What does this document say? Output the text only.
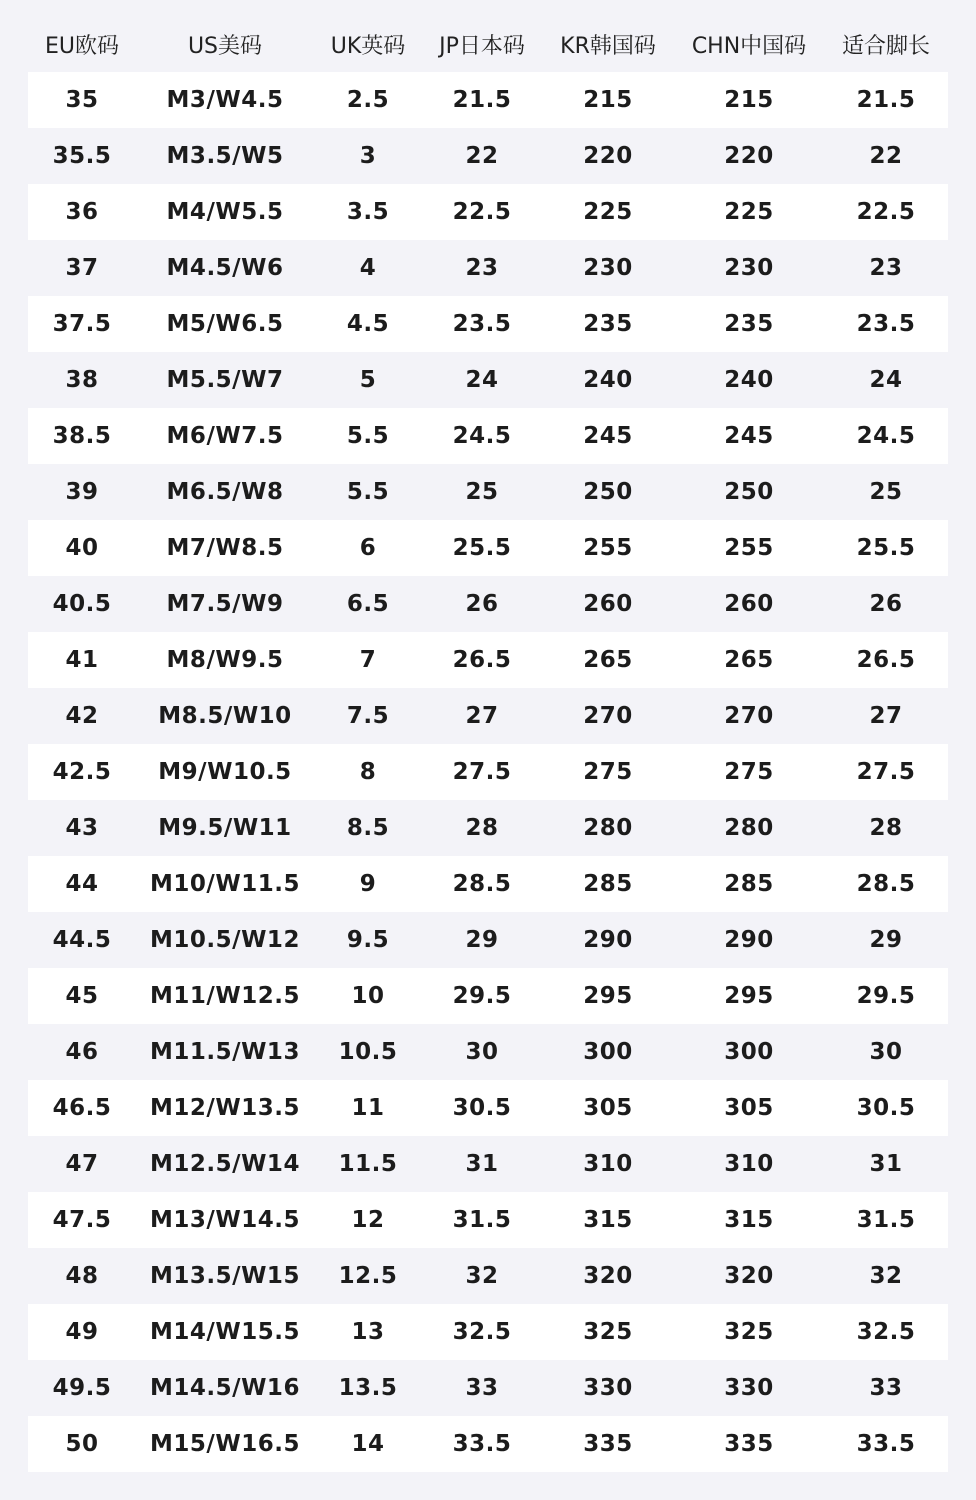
EU欧码	US美码	UK英码	JP日本码	KR韩国码	CHN中国码	适合脚长
35	M3/W4.5	2.5	21.5	215	215	21.5
35.5	M3.5/W5	3	22	220	220	22
36	M4/W5.5	3.5	22.5	225	225	22.5
37	M4.5/W6	4	23	230	230	23
37.5	M5/W6.5	4.5	23.5	235	235	23.5
38	M5.5/W7	5	24	240	240	24
38.5	M6/W7.5	5.5	24.5	245	245	24.5
39	M6.5/W8	5.5	25	250	250	25
40	M7/W8.5	6	25.5	255	255	25.5
40.5	M7.5/W9	6.5	26	260	260	26
41	M8/W9.5	7	26.5	265	265	26.5
42	M8.5/W10	7.5	27	270	270	27
42.5	M9/W10.5	8	27.5	275	275	27.5
43	M9.5/W11	8.5	28	280	280	28
44	M10/W11.5	9	28.5	285	285	28.5
44.5	M10.5/W12	9.5	29	290	290	29
45	M11/W12.5	10	29.5	295	295	29.5
46	M11.5/W13	10.5	30	300	300	30
46.5	M12/W13.5	11	30.5	305	305	30.5
47	M12.5/W14	11.5	31	310	310	31
47.5	M13/W14.5	12	31.5	315	315	31.5
48	M13.5/W15	12.5	32	320	320	32
49	M14/W15.5	13	32.5	325	325	32.5
49.5	M14.5/W16	13.5	33	330	330	33
50	M15/W16.5	14	33.5	335	335	33.5
